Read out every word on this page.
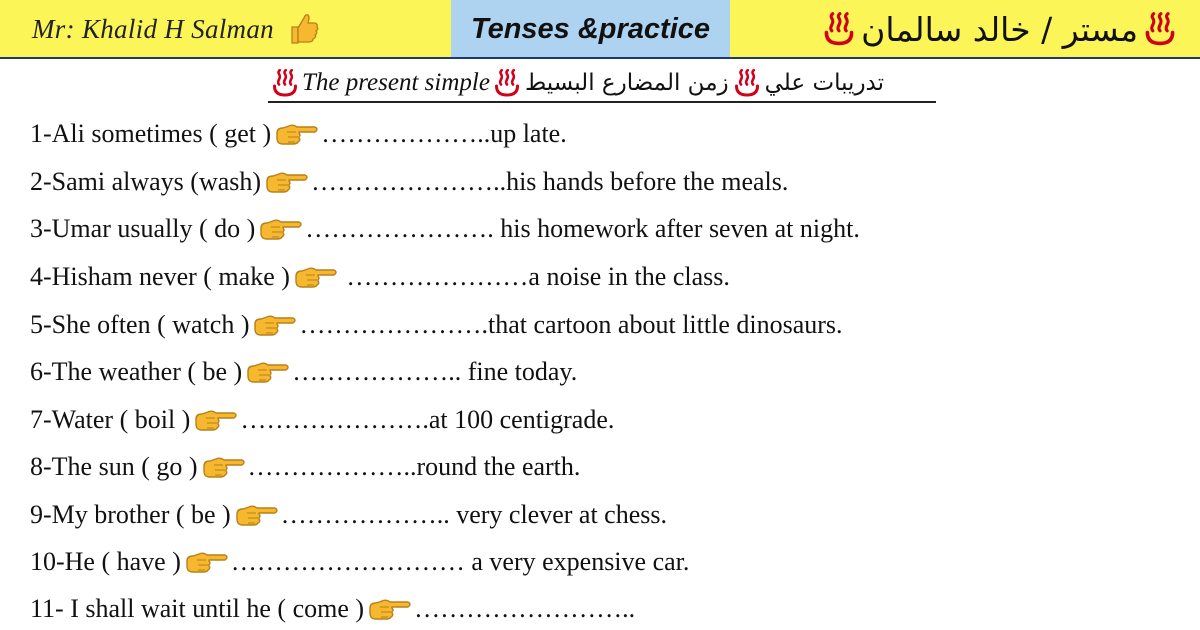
Mr: Khalid H Salman	Tenses &practice	مستر / خالد سالمان
The present simple زمن المضارع البسيط تدريبات علي
1-Ali sometimes ( get ) ……………….. up late.
2-Sami always (wash) ………………….. his hands before the meals.
3-Umar usually ( do ) …………………. his homework after seven at night.
4-Hisham never ( make ) ………………… a noise in the class.
5-She often ( watch ) …………………. that cartoon about little dinosaurs.
6-The weather ( be ) ……………….. fine today.
7-Water ( boil ) …………………. at 100 centigrade.
8-The sun ( go ) ……………….. round the earth.
9-My brother ( be ) ……………….. very clever at chess.
10-He ( have ) ……………………… a very expensive car.
11- I shall wait until he ( come ) ……………………..
